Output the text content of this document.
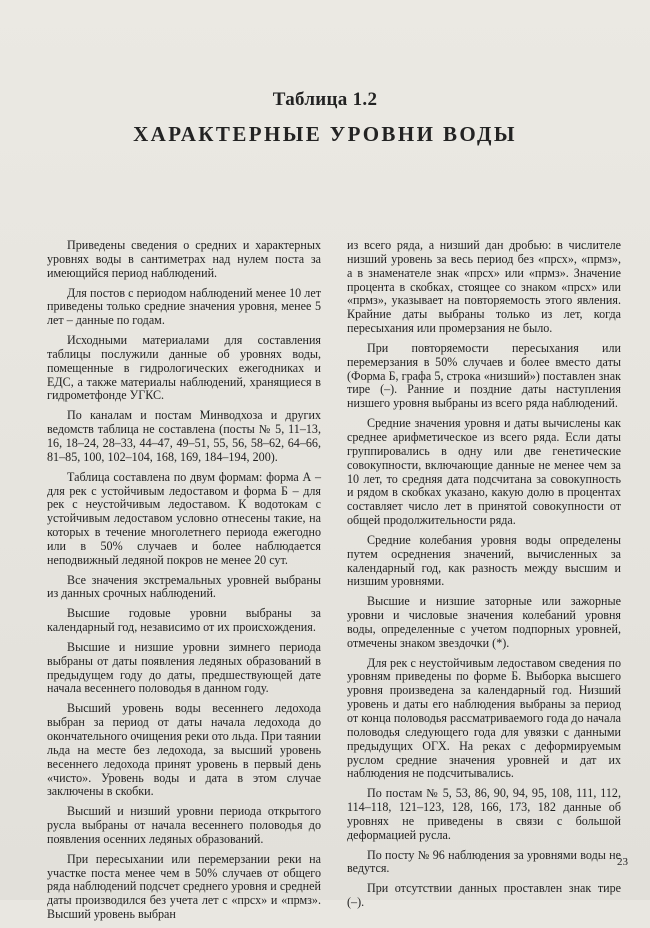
Таблица 1.2
ХАРАКТЕРНЫЕ УРОВНИ ВОДЫ

Приведены сведения о средних и характерных уровнях воды в сантиметрах над нулем поста за имеющийся период наблюдений.

Для постов с периодом наблюдений менее 10 лет приведены только средние значения уровня, менее 5 лет – данные по годам.

Исходными материалами для составления таблицы послужили данные об уровнях воды, помещенные в гидрологических ежегодниках и ЕДС, а также материалы наблюдений, хранящиеся в гидрометфонде УГКС.

По каналам и постам Минводхоза и других ведомств таблица не составлена (посты № 5, 11–13, 16, 18–24, 28–33, 44–47, 49–51, 55, 56, 58–62, 64–66, 81–85, 100, 102–104, 168, 169, 184–194, 200).

Таблица составлена по двум формам: форма А – для рек с устойчивым ледоставом и форма Б – для рек с неустойчивым ледоставом. К водотокам с устойчивым ледоставом условно отнесены такие, на которых в течение многолетнего периода ежегодно или в 50% случаев и более наблюдается неподвижный ледяной покров не менее 20 сут.

Все значения экстремальных уровней выбраны из данных срочных наблюдений.

Высшие годовые уровни выбраны за календарный год, независимо от их происхождения.

Высшие и низшие уровни зимнего периода выбраны от даты появления ледяных образований в предыдущем году до даты, предшествующей дате начала весеннего половодья в данном году.

Высший уровень воды весеннего ледохода выбран за период от даты начала ледохода до окончательного очищения реки ото льда. При таянии льда на месте без ледохода, за высший уровень весеннего ледохода принят уровень в первый день «чисто». Уровень воды и дата в этом случае заключены в скобки.

Высший и низший уровни периода открытого русла выбраны от начала весеннего половодья до появления осенних ледяных образований.

При пересыхании или перемерзании реки на участке поста менее чем в 50% случаев от общего ряда наблюдений подсчет среднего уровня и средней даты производился без учета лет с «прсх» и «прмз». Высший уровень выбран

из всего ряда, а низший дан дробью: в числителе низший уровень за весь период без «прсх», «прмз», а в знаменателе знак «прсх» или «прмз». Значение процента в скобках, стоящее со знаком «прсх» или «прмз», указывает на повторяемость этого явления. Крайние даты выбраны только из лет, когда пересыхания или промерзания не было.

При повторяемости пересыхания или перемерзания в 50% случаев и более вместо даты (Форма Б, графа 5, строка «низший») поставлен знак тире (–). Ранние и поздние даты наступления низшего уровня выбраны из всего ряда наблюдений.

Средние значения уровня и даты вычислены как среднее арифметическое из всего ряда. Если даты группировались в одну или две генетические совокупности, включающие данные не менее чем за 10 лет, то средняя дата подсчитана за совокупность и рядом в скобках указано, какую долю в процентах составляет число лет в принятой совокупности от общей продолжительности ряда.

Средние колебания уровня воды определены путем осреднения значений, вычисленных за календарный год, как разность между высшим и низшим уровнями.

Высшие и низшие заторные или зажорные уровни и числовые значения колебаний уровня воды, определенные с учетом подпорных уровней, отмечены знаком звездочки (*).

Для рек с неустойчивым ледоставом сведения по уровням приведены по форме Б. Выборка высшего уровня произведена за календарный год. Низший уровень и даты его наблюдения выбраны за период от конца половодья рассматриваемого года до начала половодья следующего года для увязки с данными предыдущих ОГХ. На реках с деформируемым руслом средние значения уровней и дат их наблюдения не подсчитывались.

По постам № 5, 53, 86, 90, 94, 95, 108, 111, 112, 114–118, 121–123, 128, 166, 173, 182 данные об уровнях не приведены в связи с большой деформацией русла.

По посту № 96 наблюдения за уровнями воды не ведутся.

При отсутствии данных проставлен знак тире (–).

23
